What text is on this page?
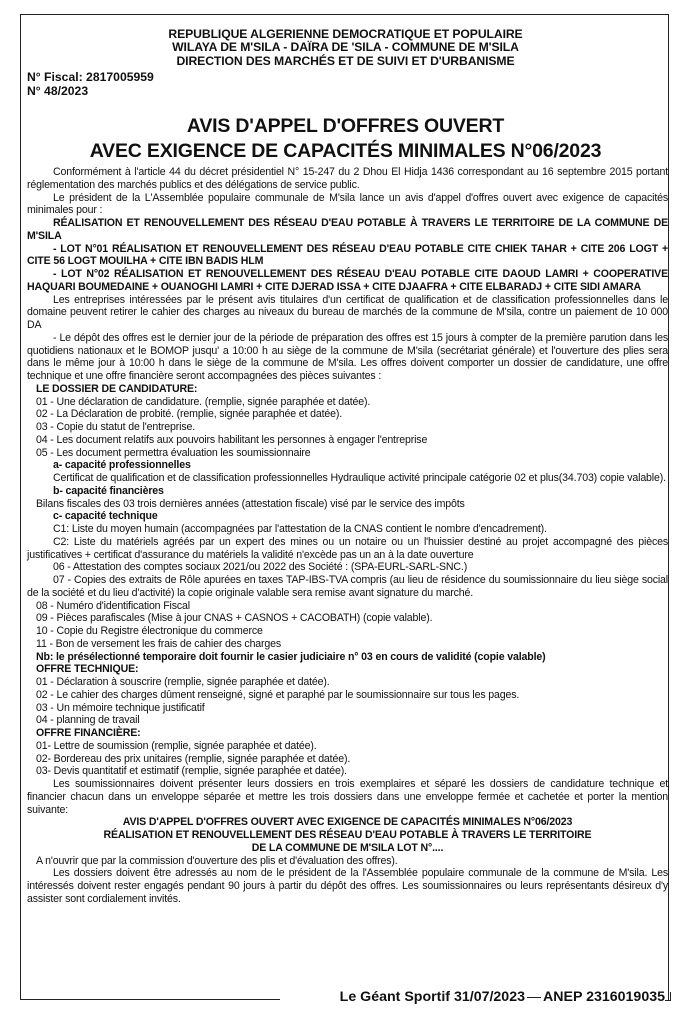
REPUBLIQUE ALGERIENNE DEMOCRATIQUE ET POPULAIRE
WILAYA DE M'SILA - DAÏRA DE 'SILA - COMMUNE DE M'SILA
DIRECTION DES MARCHÉS ET DE SUIVI ET D'URBANISME
N° Fiscal: 2817005959
N° 48/2023
AVIS D'APPEL D'OFFRES OUVERT
AVEC EXIGENCE DE CAPACITÉS MINIMALES N°06/2023
Conformément à l'article 44 du décret présidentiel N° 15-247 du 2 Dhou El Hidja 1436 correspondant au 16 septembre 2015 portant réglementation des marchés publics et des délégations de service public.
Le président de la L'Assemblée populaire communale de M'sila lance un avis d'appel d'offres ouvert avec exigence de capacités minimales pour :
RÉALISATION ET RENOUVELLEMENT DES RÉSEAU D'EAU POTABLE À TRAVERS LE TERRITOIRE DE LA COMMUNE DE M'SILA
- LOT N°01 RÉALISATION ET RENOUVELLEMENT DES RÉSEAU D'EAU POTABLE CITE CHIEK TAHAR + CITE 206 LOGT + CITE 56 LOGT MOUILHA + CITE IBN BADIS HLM
- LOT N°02 RÉALISATION ET RENOUVELLEMENT DES RÉSEAU D'EAU POTABLE CITE DAOUD LAMRI + COOPERATIVE HAQUARI BOUMEDAINE + OUANOGHI LAMRI + CITE DJERAD ISSA + CITE DJAAFRA + CITE ELBARADJ + CITE SIDI AMARA
Les entreprises intéressées par le présent avis titulaires d'un certificat de qualification et de classification professionnelles dans le domaine peuvent retirer le cahier des charges au niveaux du bureau de marchés de la commune de M'sila, contre un paiement de 10 000 DA
- Le dépôt des offres est le dernier jour de la période de préparation des offres est 15 jours à compter de la première parution dans les quotidiens nationaux et le BOMOP jusqu' a 10:00 h au siège de la commune de M'sila (secrétariat générale) et l'ouverture des plies sera dans le même jour à 10:00 h dans le siège de la commune de M'sila. Les offres doivent comporter un dossier de candidature, une offre technique et une offre financière seront accompagnées des pièces suivantes :
LE DOSSIER DE CANDIDATURE:
01 - Une déclaration de candidature. (remplie, signée paraphée et datée).
02 - La Déclaration de probité. (remplie, signée paraphée et datée).
03 - Copie du statut de l'entreprise.
04 - Les document relatifs aux pouvoirs habilitant les personnes à engager l'entreprise
05 - Les document permettra évaluation les soumissionnaire
a- capacité professionnelles
Certificat de qualification et de classification professionnelles Hydraulique activité principale catégorie 02 et plus(34.703) copie valable).
b- capacité financières
Bilans fiscales des 03 trois dernières années (attestation fiscale) visé par le service des impôts
c- capacité technique
C1: Liste du moyen humain (accompagnées par l'attestation de la CNAS contient le nombre d'encadrement).
C2: Liste du matériels agréés par un expert des mines ou un notaire ou un l'huissier destiné au projet accompagné des pièces justificatives + certificat d'assurance du matériels la validité n'excède pas un an à la date ouverture
06 - Attestation des comptes sociaux 2021/ou 2022 des Société : (SPA-EURL-SARL-SNC.)
07 - Copies des extraits de Rôle apurées en taxes TAP-IBS-TVA compris (au lieu de résidence du soumissionnaire du lieu siège social de la société et du lieu d'activité) la copie originale valable sera remise avant signature du marché.
08 - Numéro d'identification Fiscal
09 - Pièces parafiscales (Mise à jour CNAS + CASNOS + CACOBATH) (copie valable).
10 - Copie du Registre électronique du commerce
11 - Bon de versement les frais de cahier des charges
Nb: le présélectionné temporaire doit fournir le casier judiciaire n° 03 en cours de validité (copie valable)
OFFRE TECHNIQUE:
01 - Déclaration à souscrire (remplie, signée paraphée et datée).
02 - Le cahier des charges dûment renseigné, signé et paraphé par le soumissionnaire sur tous les pages.
03 - Un mémoire technique justificatif
04 - planning de travail
OFFRE FINANCIÈRE:
01- Lettre de soumission (remplie, signée paraphée et datée).
02- Bordereau des prix unitaires (remplie, signée paraphée et datée).
03- Devis quantitatif et estimatif (remplie, signée paraphée et datée).
Les soumissionnaires doivent présenter leurs dossiers en trois exemplaires et séparé les dossiers de candidature technique et financier chacun dans un enveloppe séparée et mettre les trois dossiers dans une enveloppe fermée et cachetée et porter la mention suivante:
AVIS D'APPEL D'OFFRES OUVERT AVEC EXIGENCE DE CAPACITÉS MINIMALES N°06/2023
RÉALISATION ET RENOUVELLEMENT DES RÉSEAU D'EAU POTABLE À TRAVERS LE TERRITOIRE
DE LA COMMUNE DE M'SILA LOT N°....
A n'ouvrir que par la commission d'ouverture des plis et d'évaluation des offres).
Les dossiers doivent être adressés au nom de le président de la l'Assemblée populaire communale de la commune de M'sila. Les intéressés doivent rester engagés pendant 90 jours à partir du dépôt des offres. Les soumissionnaires ou leurs représentants désireux d'y assister sont cordialement invités.
Le Géant Sportif 31/07/2023 ANEP 2316019035
